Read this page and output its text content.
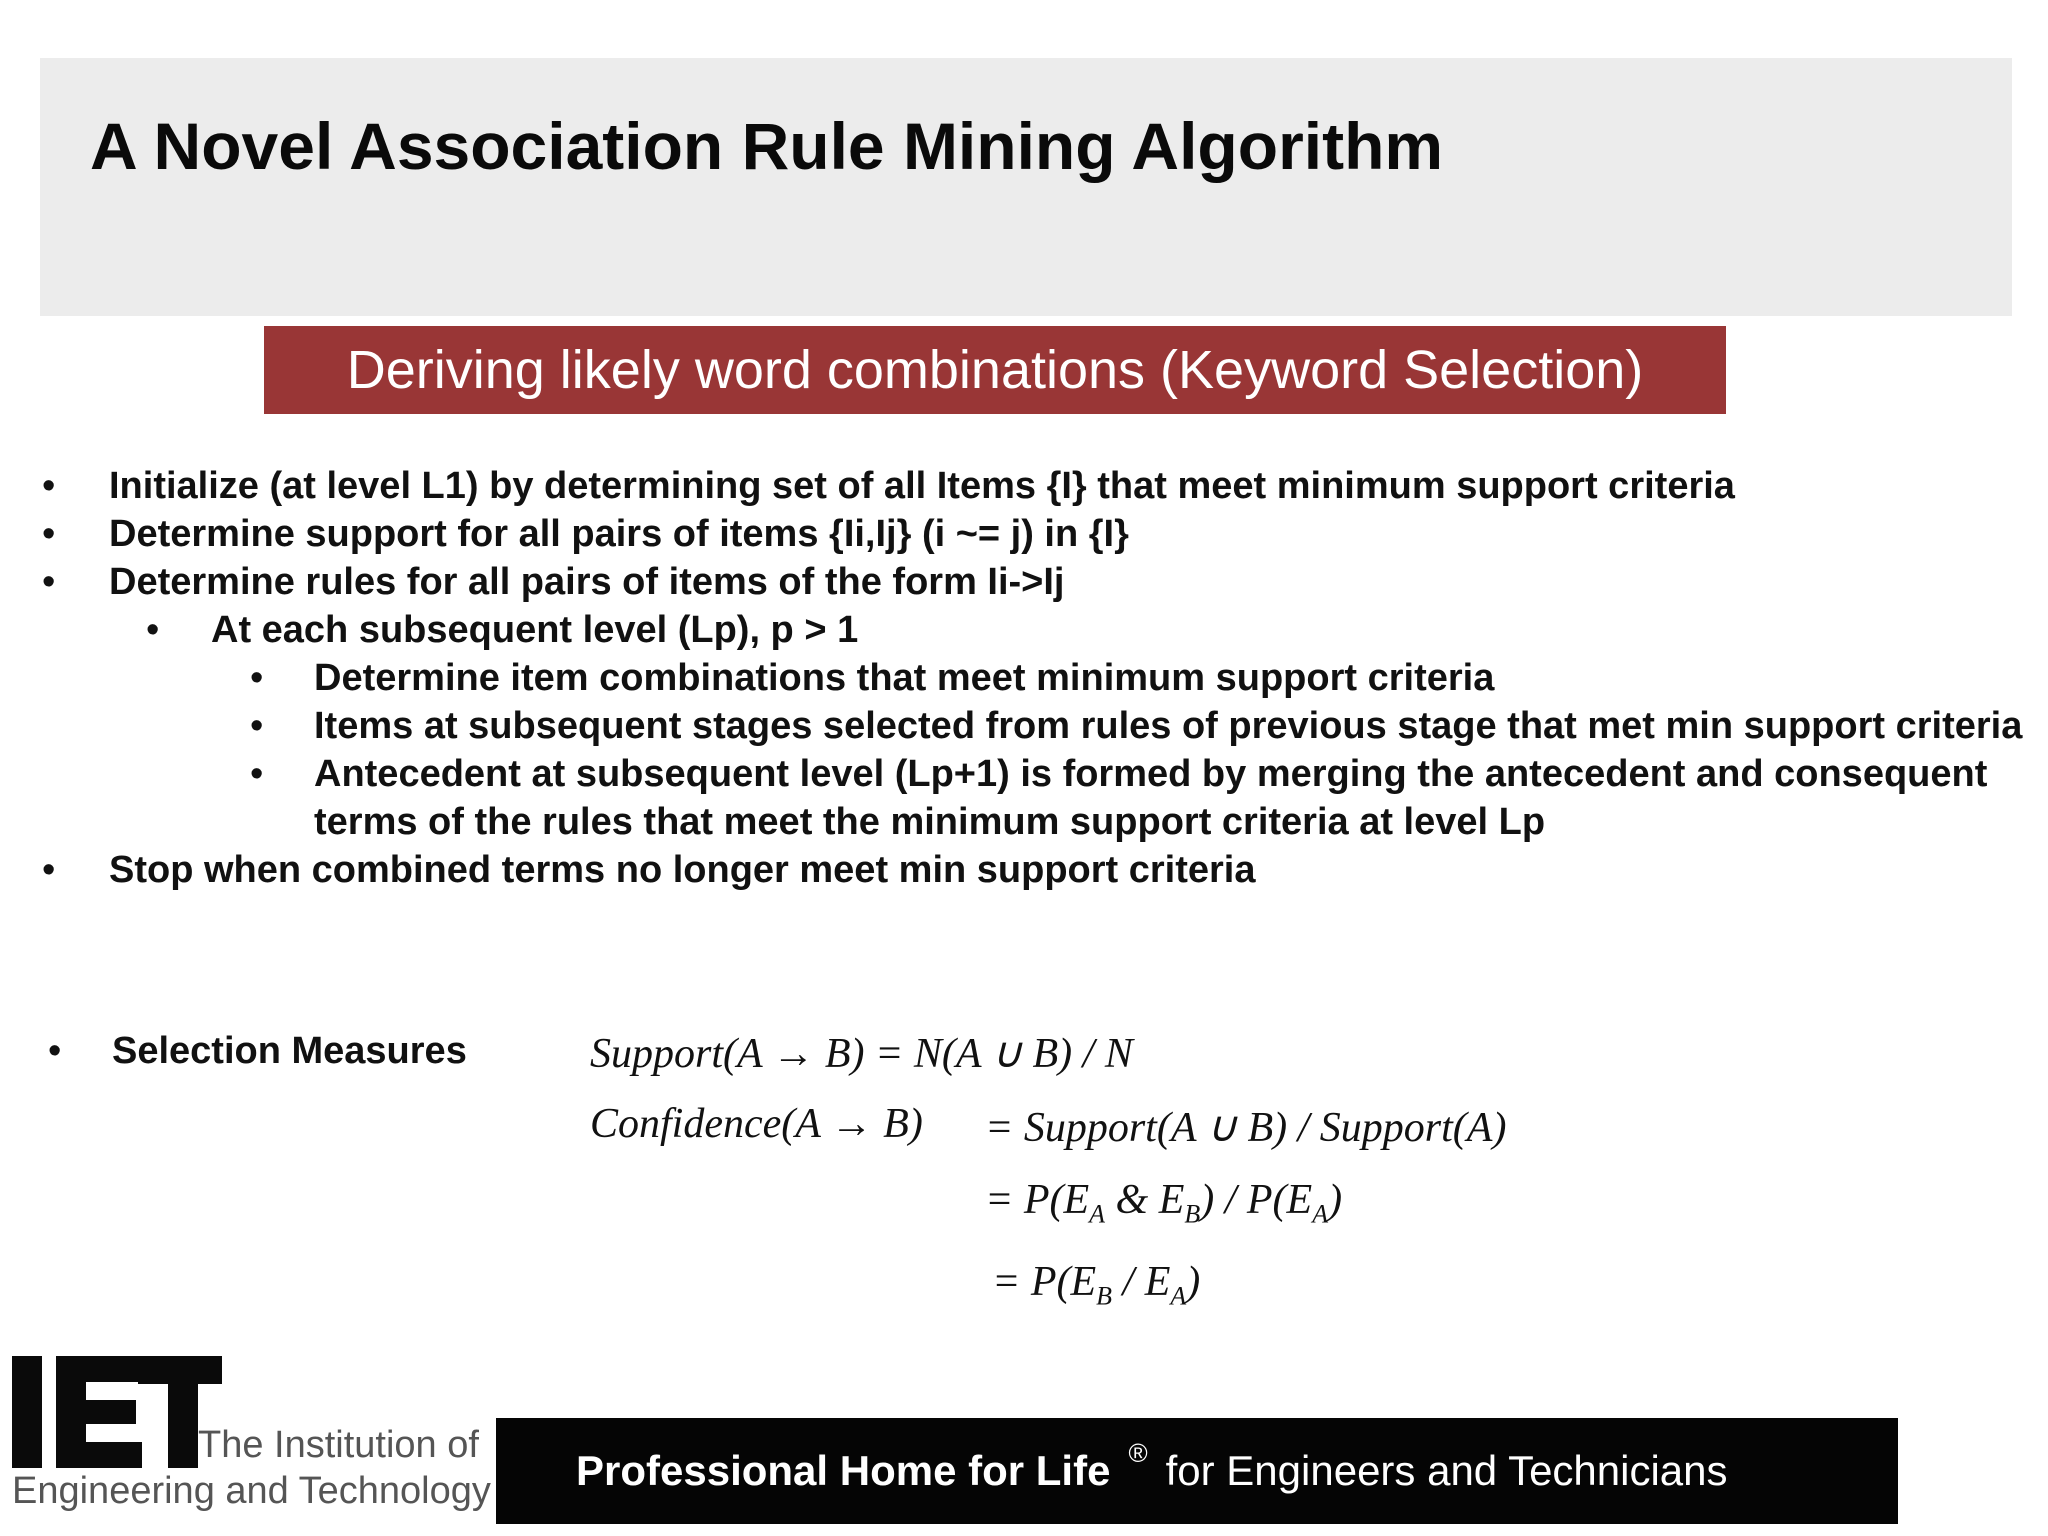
A Novel Association Rule Mining Algorithm
Deriving likely word combinations (Keyword Selection)
• Initialize (at level L1) by determining set of all Items {I} that meet minimum support criteria
• Determine support for all pairs of items {Ii,Ij} (i ~= j) in {I}
• Determine rules for all pairs of items of the form Ii->Ij
• At each subsequent level (Lp), p > 1
• Determine item combinations that meet minimum support criteria
• Items at subsequent stages selected from rules of previous stage that met min support criteria
• Antecedent at subsequent level (Lp+1) is formed by merging the antecedent and consequent terms of the rules that meet the minimum support criteria at level Lp
• Stop when combined terms no longer meet min support criteria
• Selection Measures	Support(A → B) = N(A ∪ B) / N
Confidence(A → B) = Support(A ∪ B) / Support(A)
= $P(E_A$ & $E_B) / P(E_A)$
= $P(E_B / E_A)$
The Institution of
Engineering and Technology Professional Home for Life ® for Engineers and Technicians
